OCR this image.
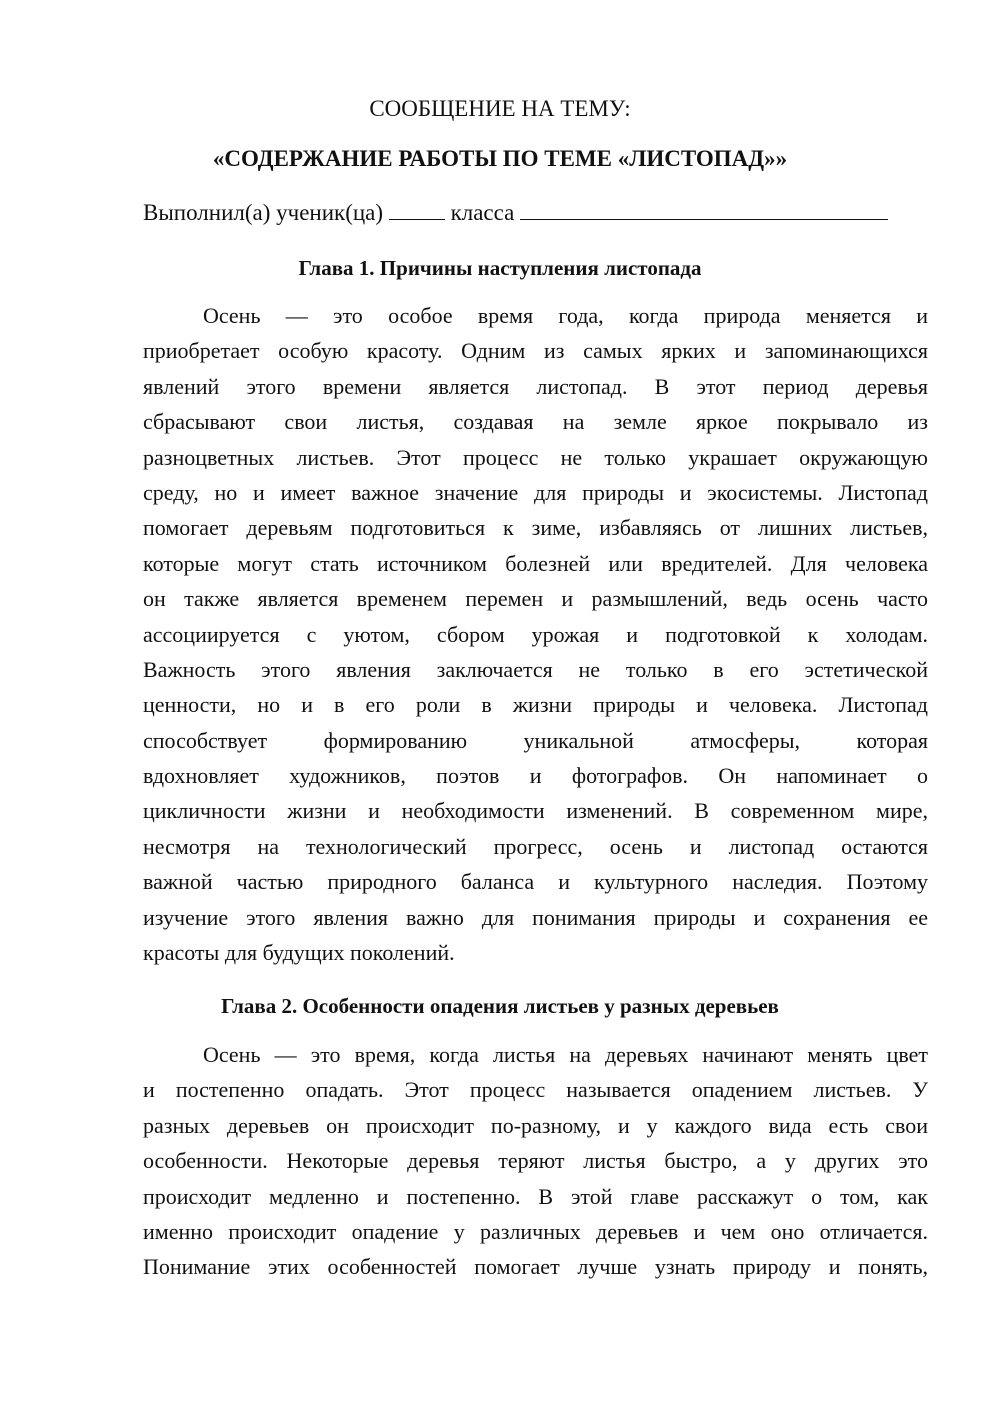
СООБЩЕНИЕ НА ТЕМУ:
«СОДЕРЖАНИЕ РАБОТЫ ПО ТЕМЕ «ЛИСТОПАД»»
Выполнил(а) ученик(ца)	класса
Глава 1. Причины наступления листопада
Осень — это особое время года, когда природа меняется и
приобретает особую красоту. Одним из самых ярких и запоминающихся
явлений этого времени является листопад. В этот период деревья
сбрасывают свои листья, создавая на земле яркое покрывало из
разноцветных листьев. Этот процесс не только украшает окружающую
среду, но и имеет важное значение для природы и экосистемы. Листопад
помогает деревьям подготовиться к зиме, избавляясь от лишних листьев,
которые могут стать источником болезней или вредителей. Для человека
он также является временем перемен и размышлений, ведь осень часто
ассоциируется с уютом, сбором урожая и подготовкой к холодам.
Важность этого явления заключается не только в его эстетической
ценности, но и в его роли в жизни природы и человека. Листопад
способствует формированию уникальной атмосферы, которая
вдохновляет художников, поэтов и фотографов. Он напоминает о
цикличности жизни и необходимости изменений. В современном мире,
несмотря на технологический прогресс, осень и листопад остаются
важной частью природного баланса и культурного наследия. Поэтому
изучение этого явления важно для понимания природы и сохранения ее
красоты для будущих поколений.
Глава 2. Особенности опадения листьев у разных деревьев
Осень — это время, когда листья на деревьях начинают менять цвет
и постепенно опадать. Этот процесс называется опадением листьев. У
разных деревьев он происходит по-разному, и у каждого вида есть свои
особенности. Некоторые деревья теряют листья быстро, а у других это
происходит медленно и постепенно. В этой главе расскажут о том, как
именно происходит опадение у различных деревьев и чем оно отличается.
Понимание этих особенностей помогает лучше узнать природу и понять,
